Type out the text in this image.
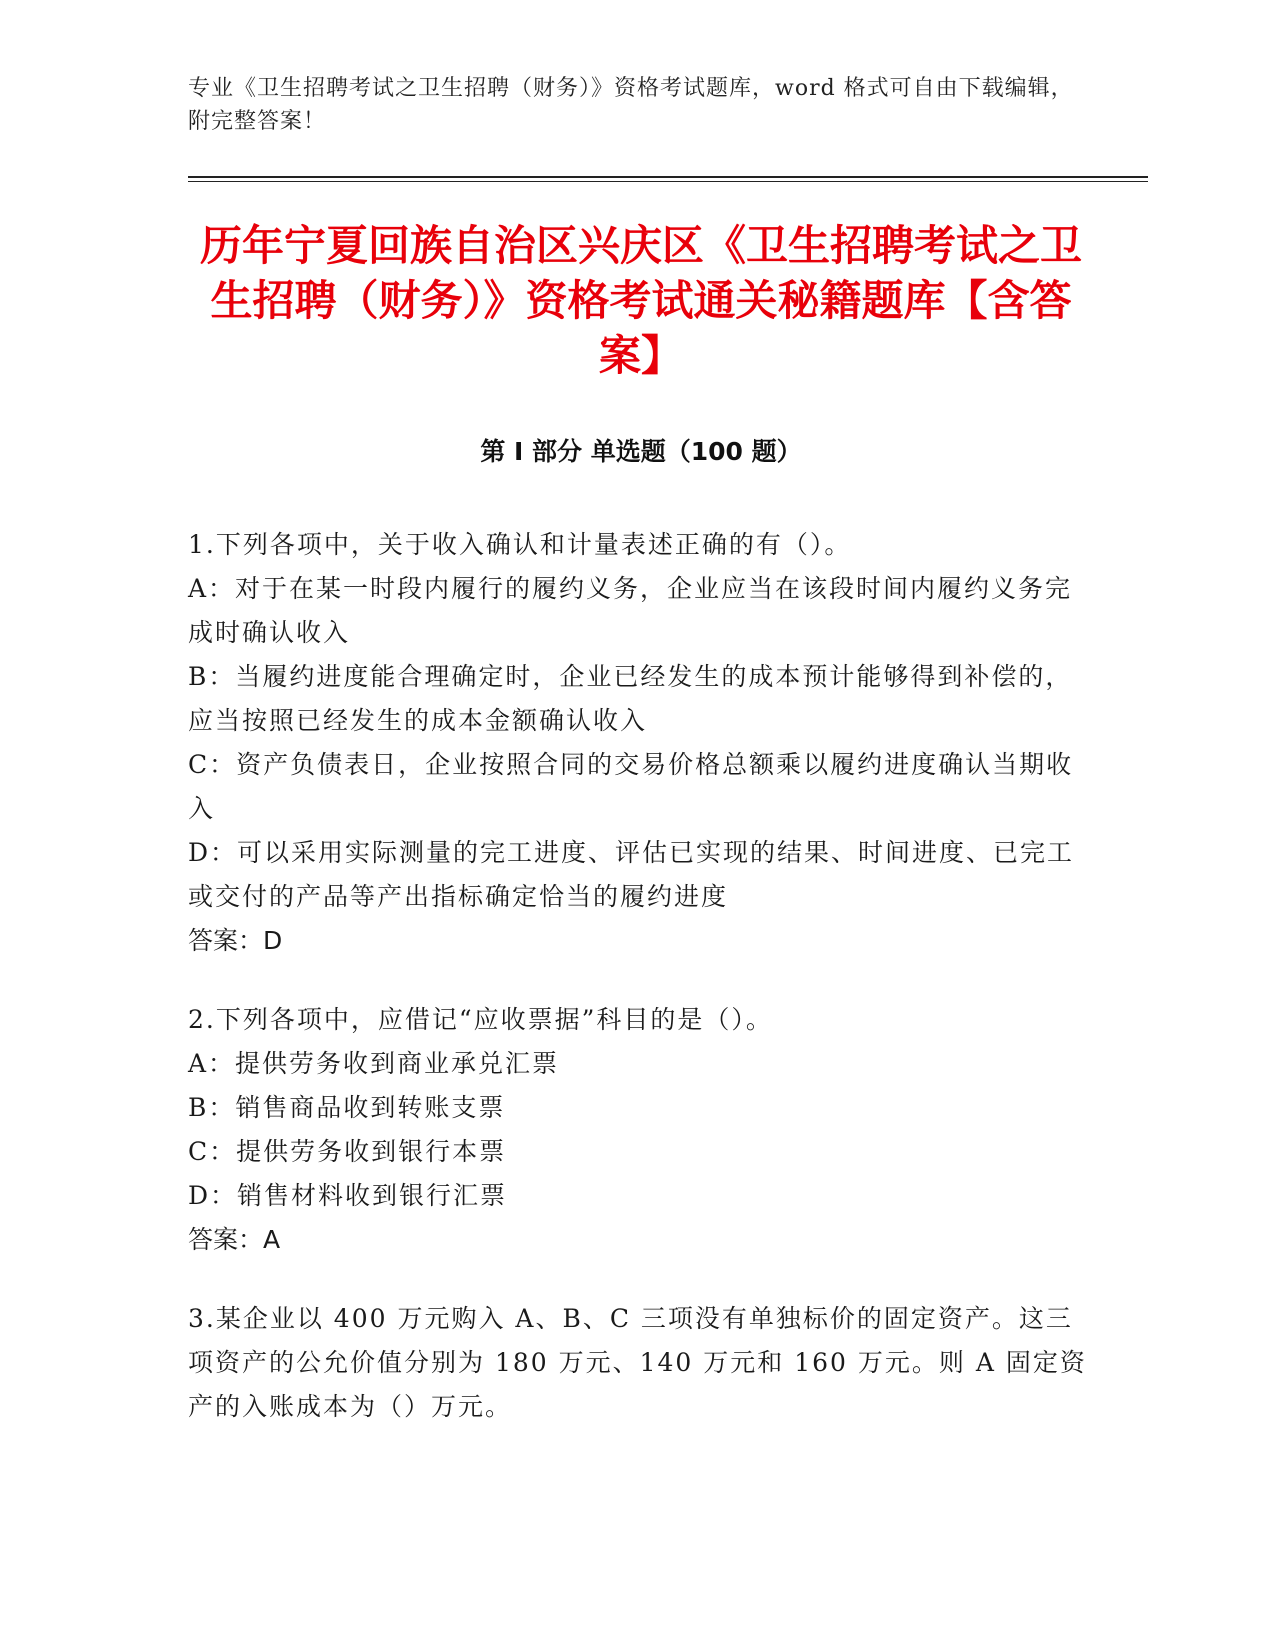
专业《卫生招聘考试之卫生招聘（财务）》资格考试题库，word 格式可自由下载编辑，附完整答案！

历年宁夏回族自治区兴庆区《卫生招聘考试之卫生招聘（财务）》资格考试通关秘籍题库【含答案】
第 I 部分 单选题（100 题）

1.下列各项中，关于收入确认和计量表述正确的有（）。

A：对于在某一时段内履行的履约义务，企业应当在该段时间内履约义务完成时确认收入

B：当履约进度能合理确定时，企业已经发生的成本预计能够得到补偿的，应当按照已经发生的成本金额确认收入

C：资产负债表日，企业按照合同的交易价格总额乘以履约进度确认当期收入

D：可以采用实际测量的完工进度、评估已实现的结果、时间进度、已完工或交付的产品等产出指标确定恰当的履约进度

答案：D

2.下列各项中，应借记“应收票据”科目的是（）。

A：提供劳务收到商业承兑汇票

B：销售商品收到转账支票

C：提供劳务收到银行本票

D：销售材料收到银行汇票

答案：A

3.某企业以 400 万元购入 A、B、C 三项没有单独标价的固定资产。这三项资产的公允价值分别为 180 万元、140 万元和 160 万元。则 A 固定资产的入账成本为（）万元。
